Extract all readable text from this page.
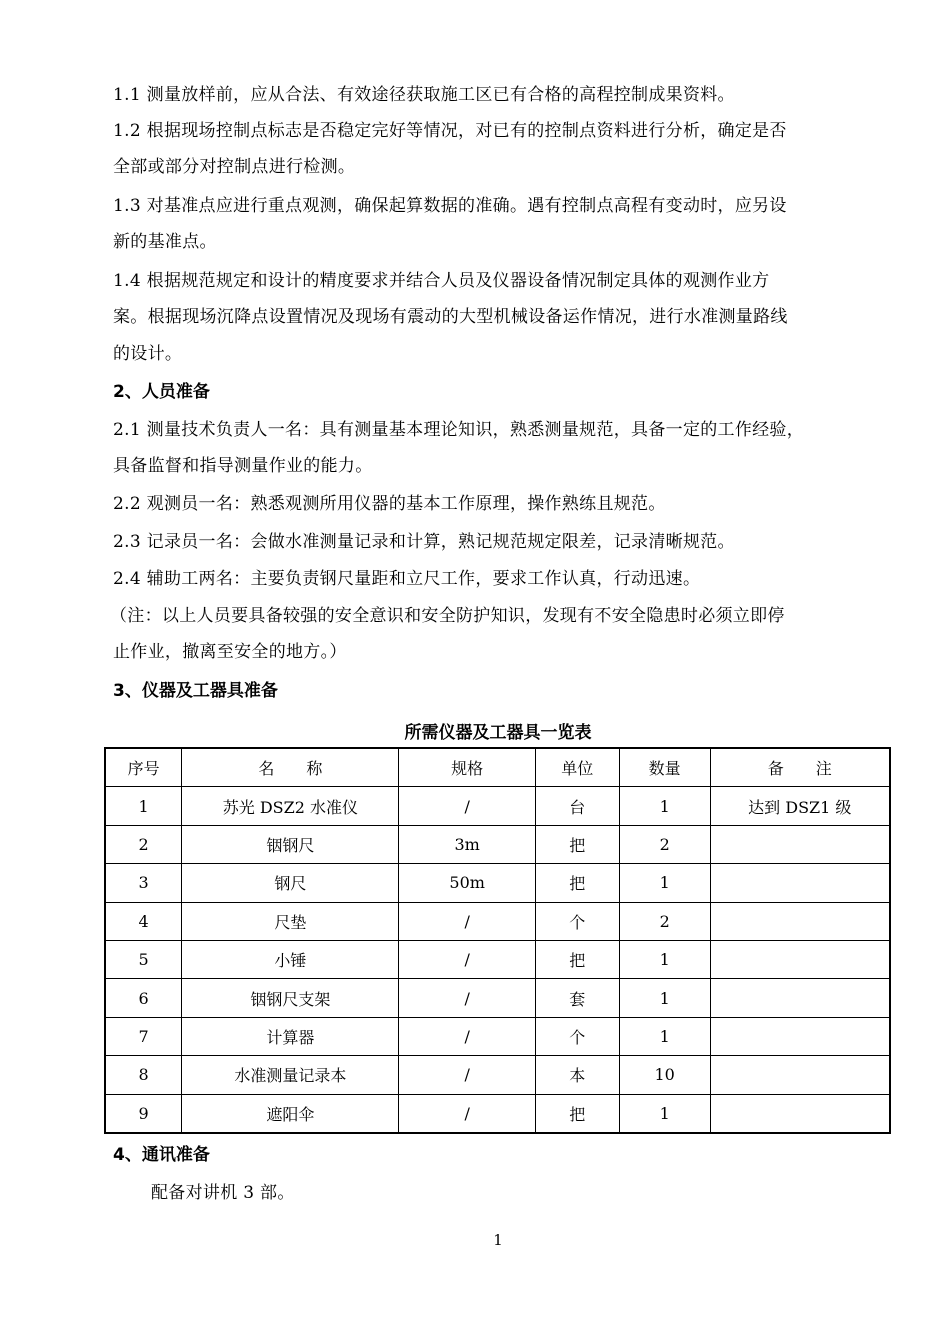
1.1 测量放样前，应从合法、有效途径获取施工区已有合格的高程控制成果资料。
1.2 根据现场控制点标志是否稳定完好等情况，对已有的控制点资料进行分析，确定是否
全部或部分对控制点进行检测。
1.3 对基准点应进行重点观测，确保起算数据的准确。遇有控制点高程有变动时，应另设
新的基准点。
1.4 根据规范规定和设计的精度要求并结合人员及仪器设备情况制定具体的观测作业方
案。根据现场沉降点设置情况及现场有震动的大型机械设备运作情况，进行水准测量路线
的设计。
2、人员准备
2.1 测量技术负责人一名：具有测量基本理论知识，熟悉测量规范，具备一定的工作经验，
具备监督和指导测量作业的能力。
2.2 观测员一名：熟悉观测所用仪器的基本工作原理，操作熟练且规范。
2.3 记录员一名：会做水准测量记录和计算，熟记规范规定限差，记录清晰规范。
2.4 辅助工两名：主要负责钢尺量距和立尺工作，要求工作认真，行动迅速。
（注：以上人员要具备较强的安全意识和安全防护知识，发现有不安全隐患时必须立即停
止作业，撤离至安全的地方。）
3、仪器及工器具准备
所需仪器及工器具一览表
序号	名　　称	规格	单位	数量	备　　注
1	苏光 DSZ2 水准仪	/	台	1	达到 DSZ1 级
2	铟钢尺	3m	把	2	
3	钢尺	50m	把	1	
4	尺垫	/	个	2	
5	小锤	/	把	1	
6	铟钢尺支架	/	套	1	
7	计算器	/	个	1	
8	水准测量记录本	/	本	10	
9	遮阳伞	/	把	1	
4、通讯准备
配备对讲机 3 部。
1
